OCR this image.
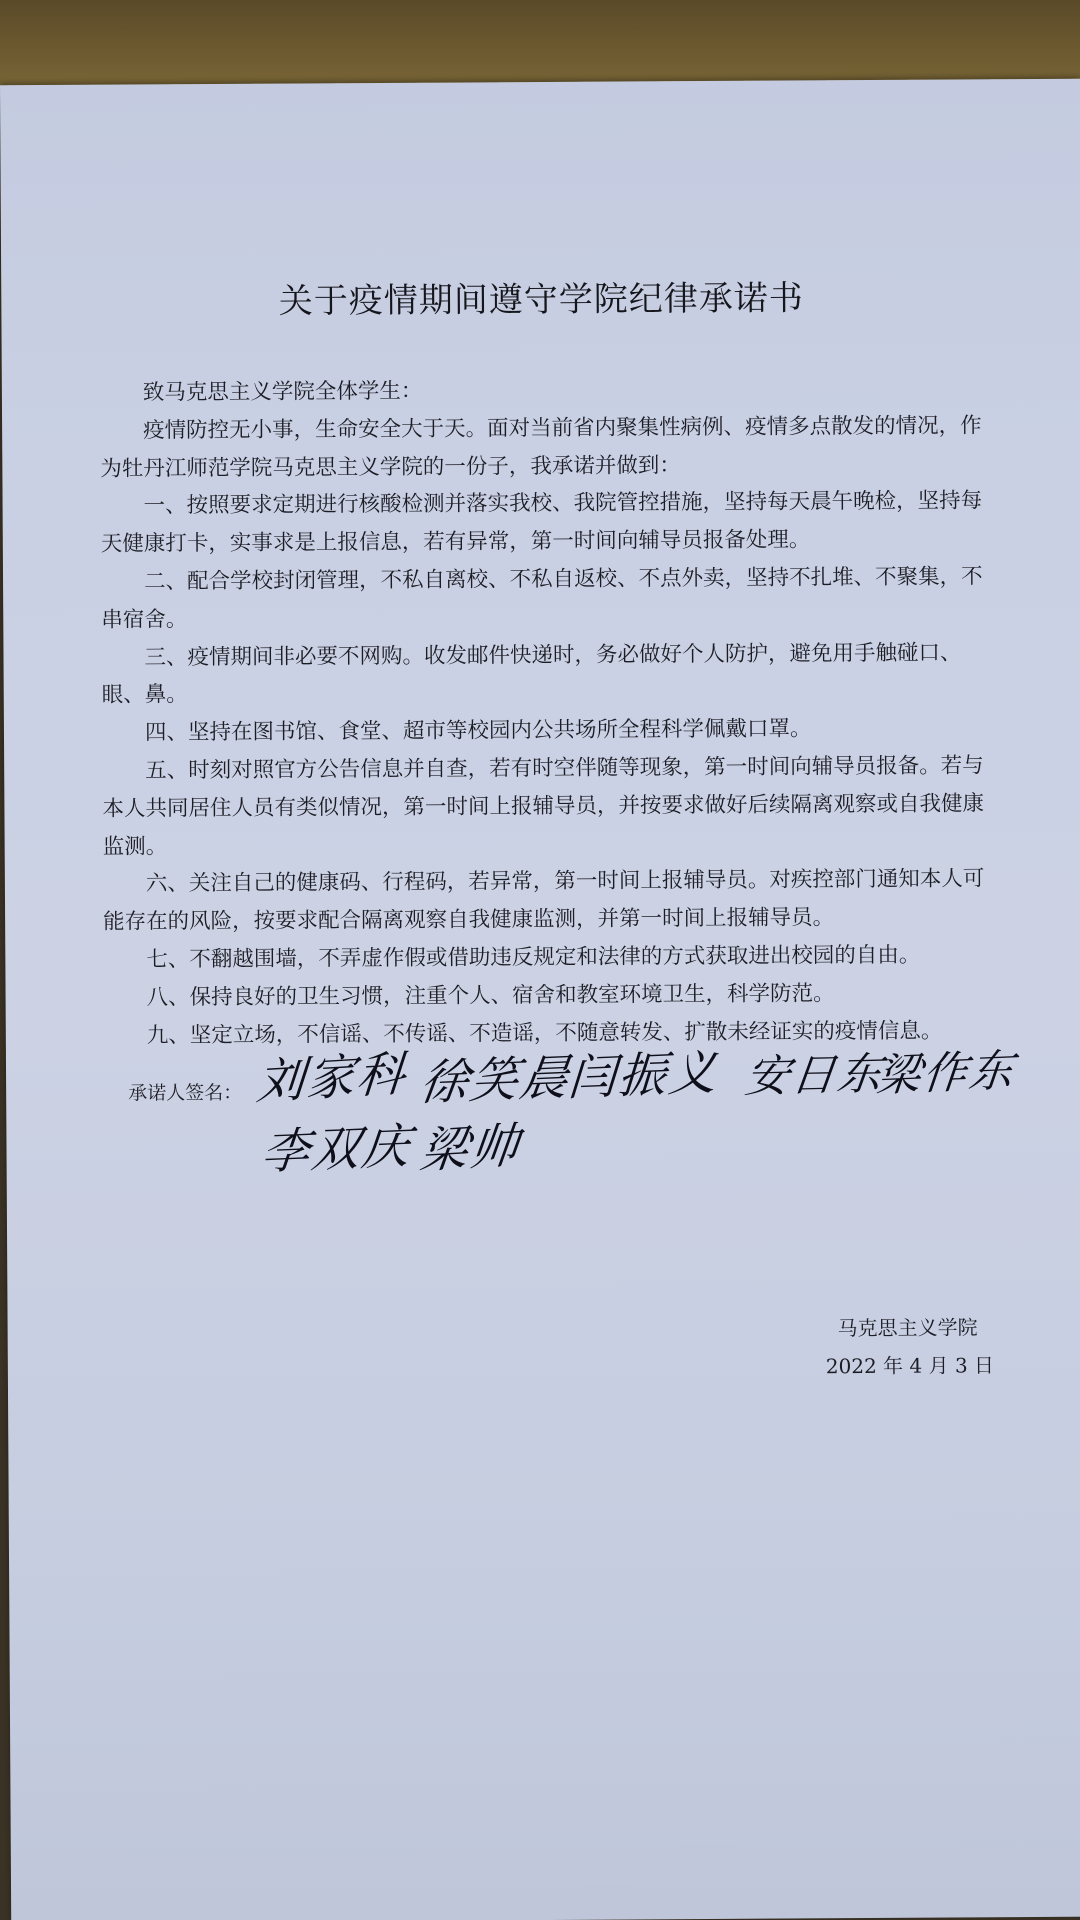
关于疫情期间遵守学院纪律承诺书

致马克思主义学院全体学生：

疫情防控无小事，生命安全大于天。面对当前省内聚集性病例、疫情多点散发的情况，作为牡丹江师范学院马克思主义学院的一份子，我承诺并做到：

一、按照要求定期进行核酸检测并落实我校、我院管控措施，坚持每天晨午晚检，坚持每天健康打卡，实事求是上报信息，若有异常，第一时间向辅导员报备处理。

二、配合学校封闭管理，不私自离校、不私自返校、不点外卖，坚持不扎堆、不聚集，不串宿舍。

三、疫情期间非必要不网购。收发邮件快递时，务必做好个人防护，避免用手触碰口、眼、鼻。

四、坚持在图书馆、食堂、超市等校园内公共场所全程科学佩戴口罩。

五、时刻对照官方公告信息并自查，若有时空伴随等现象，第一时间向辅导员报备。若与本人共同居住人员有类似情况，第一时间上报辅导员，并按要求做好后续隔离观察或自我健康监测。

六、关注自己的健康码、行程码，若异常，第一时间上报辅导员。对疾控部门通知本人可能存在的风险，按要求配合隔离观察自我健康监测，并第一时间上报辅导员。

七、不翻越围墙，不弄虚作假或借助违反规定和法律的方式获取进出校园的自由。

八、保持良好的卫生习惯，注重个人、宿舍和教室环境卫生，科学防范。

九、坚定立场，不信谣、不传谣、不造谣，不随意转发、扩散未经证实的疫情信息。

承诺人签名： 刘家科 徐笑晨
闫振义 安日东
梁作东
李双庆 梁帅
马克思主义学院
2022 年 4 月 3 日
